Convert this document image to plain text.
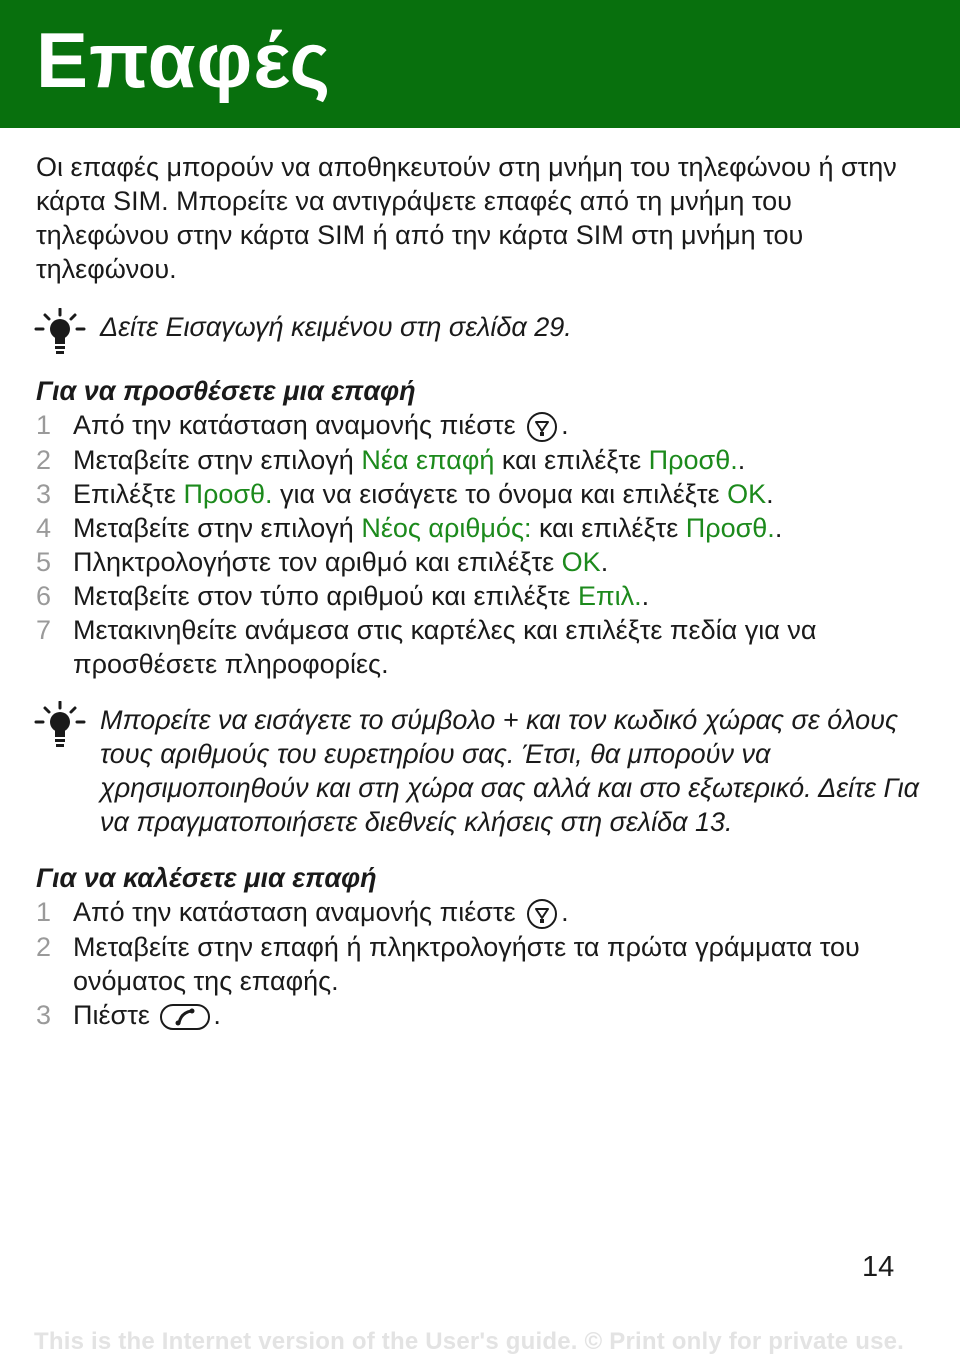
Επαφές

Οι επαφές μπορούν να αποθηκευτούν στη μνήμη του τηλεφώνου ή στην κάρτα SIM. Μπορείτε να αντιγράψετε επαφές από τη μνήμη του τηλεφώνου στην κάρτα SIM ή από την κάρτα SIM στη μνήμη του τηλεφώνου.

Δείτε Εισαγωγή κειμένου στη σελίδα 29.

Για να προσθέσετε μια επαφή

1 Από την κατάσταση αναμονής πιέστε .
2 Μεταβείτε στην επιλογή Νέα επαφή και επιλέξτε Προσθ..
3 Επιλέξτε Προσθ. για να εισάγετε το όνομα και επιλέξτε OK.
4 Μεταβείτε στην επιλογή Νέος αριθμός: και επιλέξτε Προσθ..
5 Πληκτρολογήστε τον αριθμό και επιλέξτε OK.
6 Μεταβείτε στον τύπο αριθμού και επιλέξτε Επιλ..
7 Μετακινηθείτε ανάμεσα στις καρτέλες και επιλέξτε πεδία για να προσθέσετε πληροφορίες.
Μπορείτε να εισάγετε το σύμβολο + και τον κωδικό χώρας σε όλους τους αριθμούς του ευρετηρίου σας. Έτσι, θα μπορούν να χρησιμοποιηθούν και στη χώρα σας αλλά και στο εξωτερικό. Δείτε Για να πραγματοποιήσετε διεθνείς κλήσεις στη σελίδα 13.

Για να καλέσετε μια επαφή

1 Από την κατάσταση αναμονής πιέστε .
2 Μεταβείτε στην επαφή ή πληκτρολογήστε τα πρώτα γράμματα του ονόματος της επαφής.
3 Πιέστε .
14
This is the Internet version of the User's guide. © Print only for private use.
